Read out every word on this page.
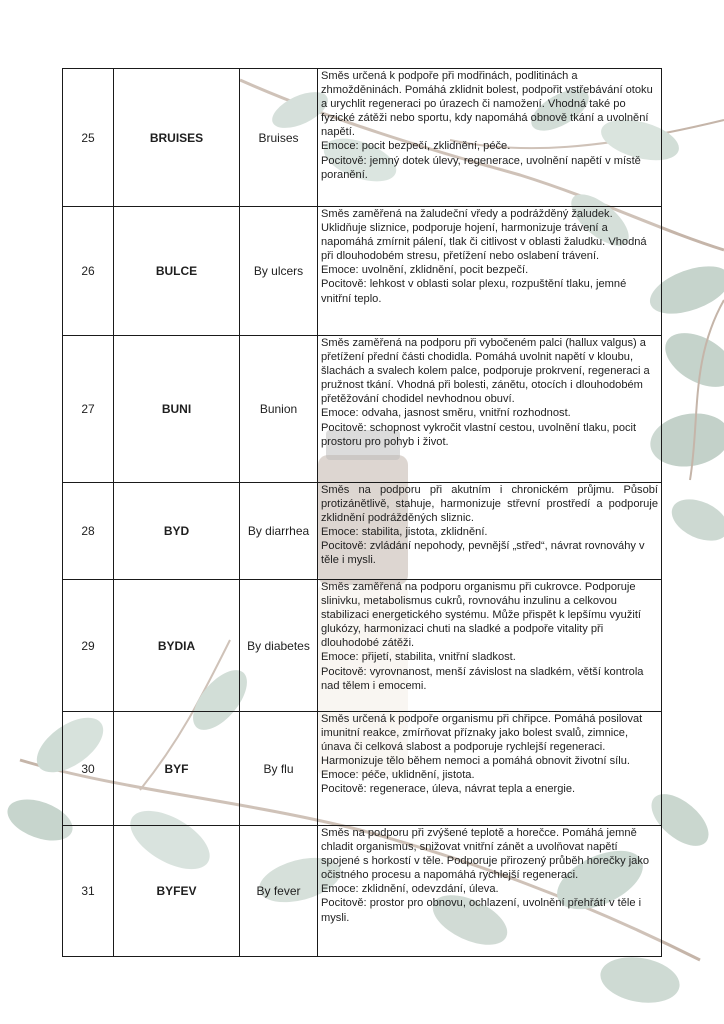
25	BRUISES	Bruises	Směs určená k podpoře při modřinách, podlitinách a zhmožděninách. Pomáhá zklidnit bolest, podpořit vstřebávání otoku a urychlit regeneraci po úrazech či namožení. Vhodná také po fyzické zátěži nebo sportu, kdy napomáhá obnově tkání a uvolnění napětí.

Emoce: pocit bezpečí, zklidnění, péče.

Pocitově: jemný dotek úlevy, regenerace, uvolnění napětí v místě poranění.

26	BULCE	By ulcers	Směs zaměřená na žaludeční vředy a podrážděný žaludek. Uklidňuje sliznice, podporuje hojení, harmonizuje trávení a napomáhá zmírnit pálení, tlak či citlivost v oblasti žaludku. Vhodná při dlouhodobém stresu, přetížení nebo oslabení trávení.

Emoce: uvolnění, zklidnění, pocit bezpečí.

Pocitově: lehkost v oblasti solar plexu, rozpuštění tlaku, jemné vnitřní teplo.

27	BUNI	Bunion	Směs zaměřená na podporu při vybočeném palci (hallux valgus) a přetížení přední části chodidla. Pomáhá uvolnit napětí v kloubu, šlachách a svalech kolem palce, podporuje prokrvení, regeneraci a pružnost tkání. Vhodná při bolesti, zánětu, otocích i dlouhodobém přetěžování chodidel nevhodnou obuví.

Emoce: odvaha, jasnost směru, vnitřní rozhodnost.

Pocitově: schopnost vykročit vlastní cestou, uvolnění tlaku, pocit prostoru pro pohyb i život.

28	BYD	By diarrhea	Směs na podporu při akutním i chronickém průjmu. Působí protizánětlivě, stahuje, harmonizuje střevní prostředí a podporuje zklidnění podrážděných sliznic.

Emoce: stabilita, jistota, zklidnění.

Pocitově: zvládání nepohody, pevnější „střed“, návrat rovnováhy v těle i mysli.

29	BYDIA	By diabetes	Směs zaměřená na podporu organismu při cukrovce. Podporuje slinivku, metabolismus cukrů, rovnováhu inzulinu a celkovou stabilizaci energetického systému. Může přispět k lepšímu využití glukózy, harmonizaci chuti na sladké a podpoře vitality při dlouhodobé zátěži.

Emoce: přijetí, stabilita, vnitřní sladkost.

Pocitově: vyrovnanost, menší závislost na sladkém, větší kontrola nad tělem i emocemi.

30	BYF	By flu	Směs určená k podpoře organismu při chřipce. Pomáhá posilovat imunitní reakce, zmírňovat příznaky jako bolest svalů, zimnice, únava či celková slabost a podporuje rychlejší regeneraci. Harmonizuje tělo během nemoci a pomáhá obnovit životní sílu.

Emoce: péče, uklidnění, jistota.

Pocitově: regenerace, úleva, návrat tepla a energie.

31	BYFEV	By fever	Směs na podporu při zvýšené teplotě a horečce. Pomáhá jemně chladit organismus, snižovat vnitřní zánět a uvolňovat napětí spojené s horkostí v těle. Podporuje přirozený průběh horečky jako očistného procesu a napomáhá rychlejší regeneraci.

Emoce: zklidnění, odevzdání, úleva.

Pocitově: prostor pro obnovu, ochlazení, uvolnění přehřátí v těle i mysli.
